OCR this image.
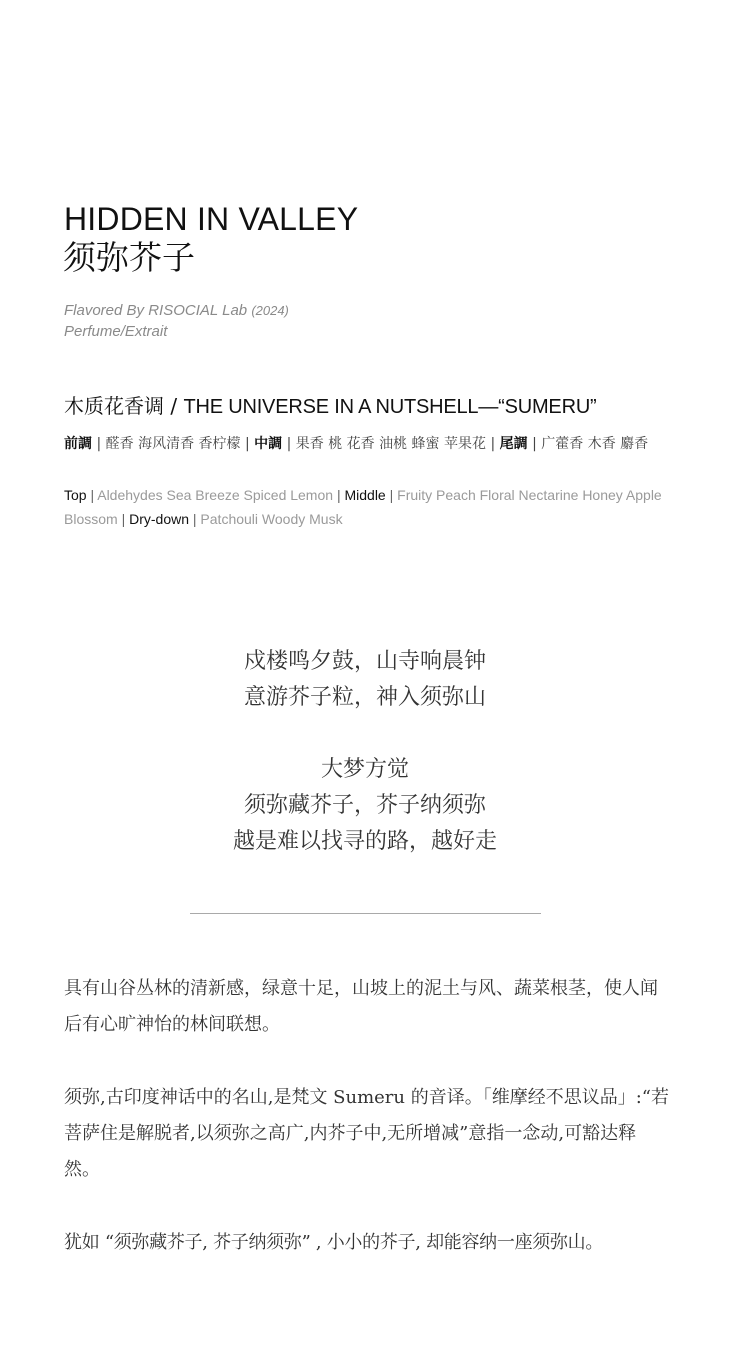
HIDDEN IN VALLEY
须弥芥子
Flavored By RISOCIAL Lab (2024)
Perfume/Extrait
木质花香调 / THE UNIVERSE IN A NUTSHELL—“SUMERU”
前調 | 醛香 海风清香 香柠檬 | 中調 | 果香 桃 花香 油桃 蜂蜜 苹果花 | 尾調 | 广藿香 木香 麝香
Top | Aldehydes Sea Breeze Spiced Lemon | Middle | Fruity Peach Floral Nectarine Honey Apple Blossom | Dry-down | Patchouli Woody Musk
戍楼鸣夕鼓，山寺响晨钟
意游芥子粒，神入须弥山
大梦方觉
须弥藏芥子，芥子纳须弥
越是难以找寻的路，越好走
具有山谷丛林的清新感，绿意十足，山坡上的泥土与风、蔬菜根茎，使人闻后有心旷神怡的林间联想。
须弥,古印度神话中的名山,是梵文 Sumeru 的音译。「维摩经不思议品」:“若菩萨住是解脱者,以须弥之高广,内芥子中,无所增减”意指一念动,可豁达释然。
犹如 “须弥藏芥子, 芥子纳须弥” , 小小的芥子, 却能容纳一座须弥山。
